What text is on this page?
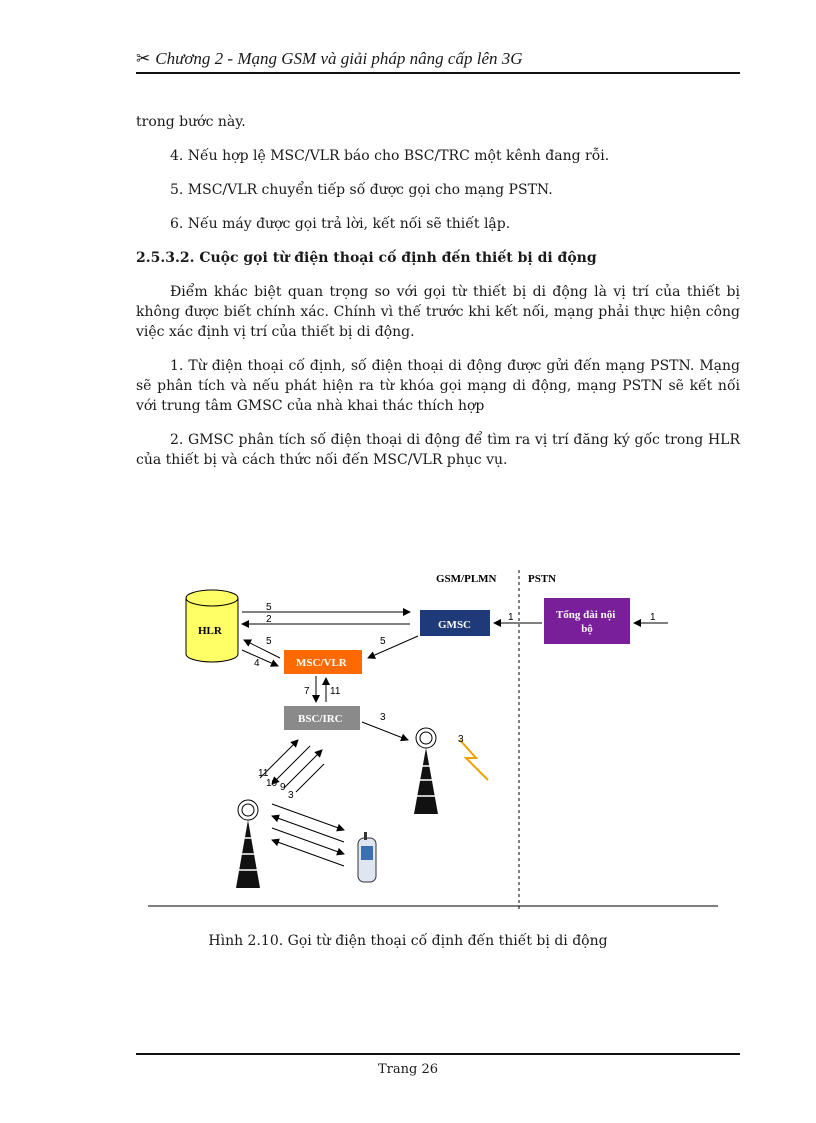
✂ Chương 2 - Mạng GSM và giải pháp nâng cấp lên 3G

trong bước này.

4. Nếu hợp lệ MSC/VLR báo cho BSC/TRC một kênh đang rỗi.

5. MSC/VLR chuyển tiếp số được gọi cho mạng PSTN.

6. Nếu máy được gọi trả lời, kết nối sẽ thiết lập.

2.5.3.2. Cuộc gọi từ điện thoại cố định đến thiết bị di động

Điểm khác biệt quan trọng so với gọi từ thiết bị di động là vị trí của thiết bị không được biết chính xác. Chính vì thế trước khi kết nối, mạng phải thực hiện công việc xác định vị trí của thiết bị di động.

1. Từ điện thoại cố định, số điện thoại di động được gửi đến mạng PSTN. Mạng sẽ phân tích và nếu phát hiện ra từ khóa gọi mạng di động, mạng PSTN sẽ kết nối với trung tâm GMSC của nhà khai thác thích hợp

2. GMSC phân tích số điện thoại di động để tìm ra vị trí đăng ký gốc trong HLR của thiết bị và cách thức nối đến MSC/VLR phục vụ.

GSM/PLMN	PSTN
HLR	GMSC
Tổng đài nội bộ
MSC/VLR
BSC/IRC
5
2
5
4
5
1	1
7 11
3
3
11
10 9
3
Hình 2.10. Gọi từ điện thoại cố định đến thiết bị di động
Trang 26
